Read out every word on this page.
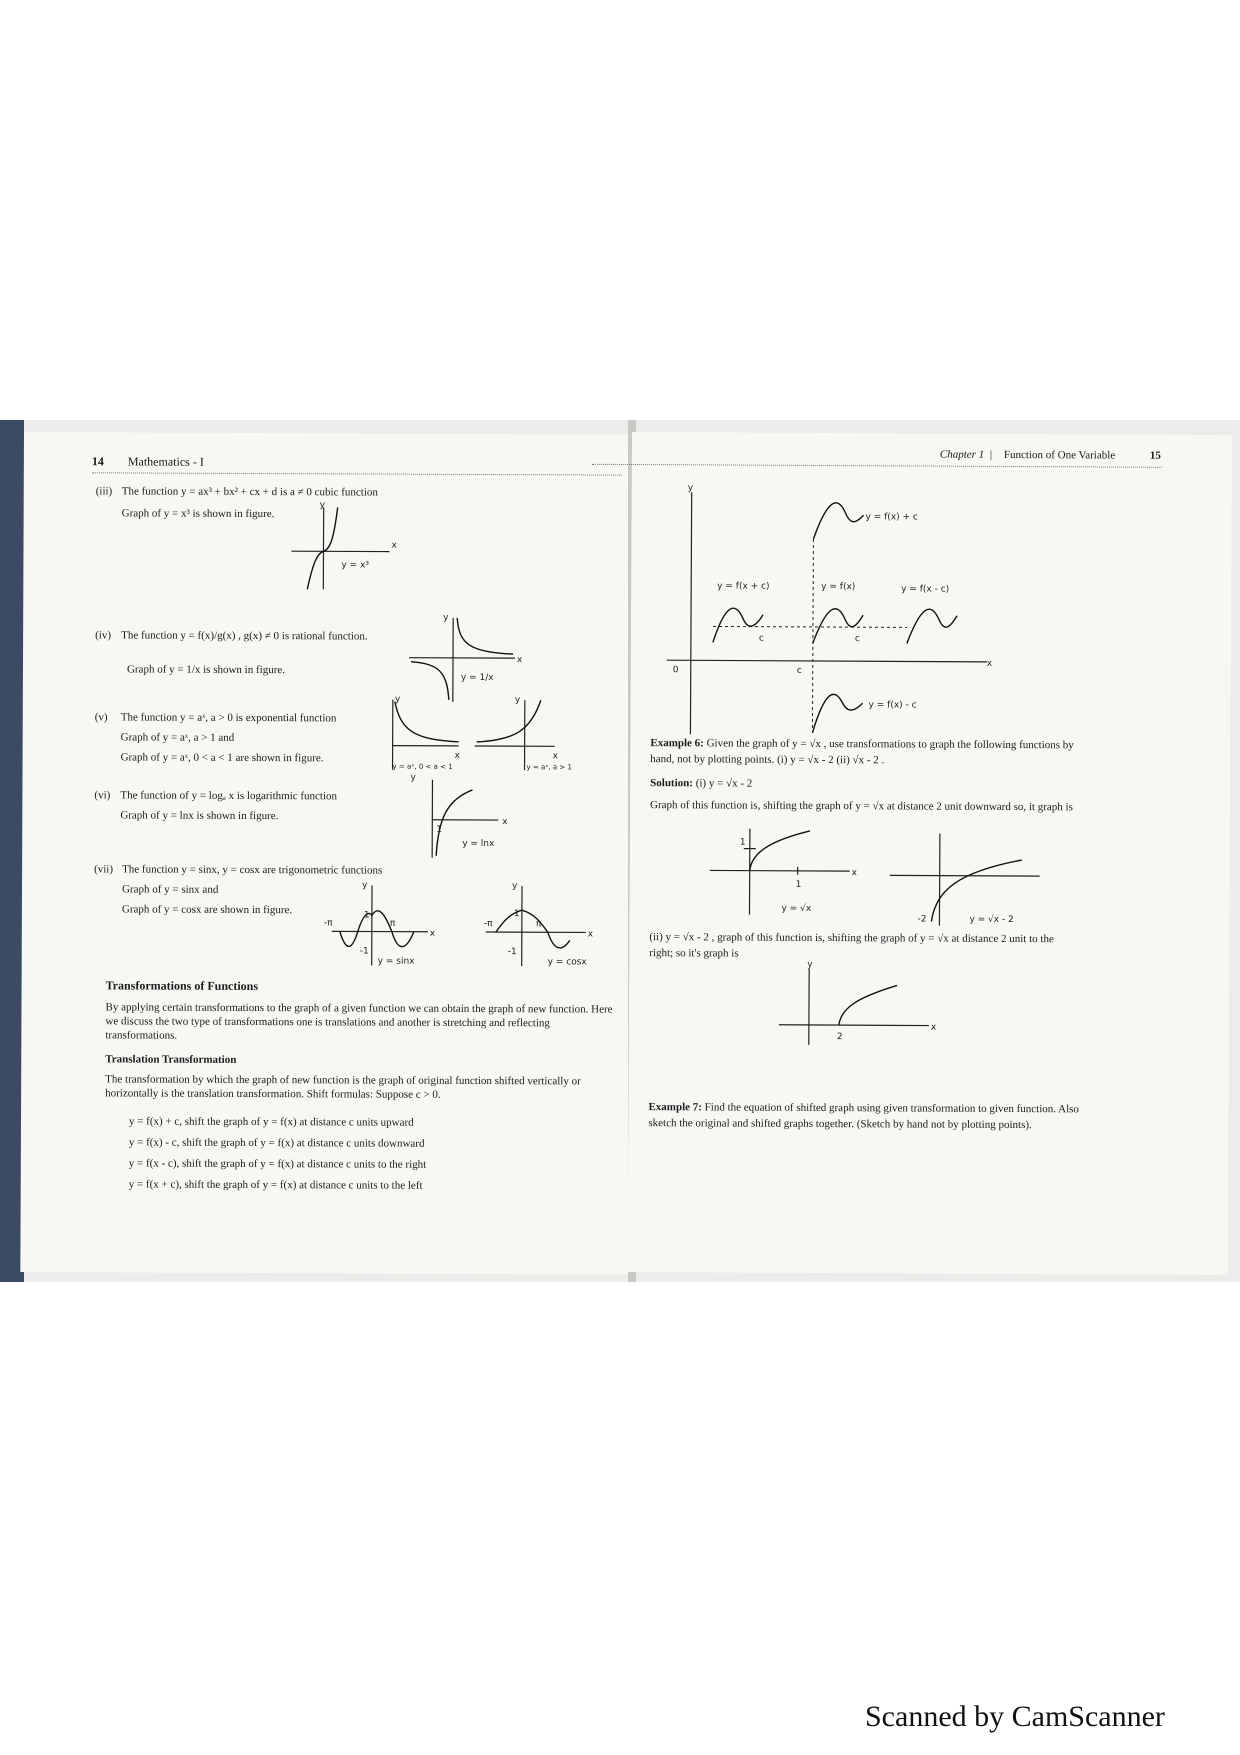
14 Mathematics - I
(iii) The function y = ax³ + bx² + cx + d is a ≠ 0 cubic function
Graph of y = x³ is shown in figure.
y
x
y = x³
(iv) The function y = f(x)/g(x) , g(x) ≠ 0 is rational function.
Graph of y = 1/x is shown in figure.
y
x
y = 1/x
(v) The function y = aˣ, a > 0 is exponential function
Graph of y = aˣ, a > 1 and
Graph of y = aˣ, 0 < a < 1 are shown in figure.
y
x
y = aˣ, 0 < a < 1
y
x
y = aˣ, a > 1
(vi) The function of y = logₐ x is logarithmic function
Graph of y = lnx is shown in figure.
y
x
1
y = lnx
(vii) The function y = sinx, y = cosx are trigonometric functions
Graph of y = sinx and
Graph of y = cosx are shown in figure.
y
x
-π	π
1
-1
y = sinx
y
x
-π	π
1
-1
y = cosx
Transformations of Functions
By applying certain transformations to the graph of a given function we can obtain the graph of new function. Here we discuss the two type of transformations one is translations and another is stretching and reflecting transformations.
Translation Transformation
The transformation by which the graph of new function is the graph of original function shifted vertically or horizontally is the translation transformation. Shift formulas: Suppose c > 0.
y = f(x) + c, shift the graph of y = f(x) at distance c units upward
y = f(x) - c, shift the graph of y = f(x) at distance c units downward
y = f(x - c), shift the graph of y = f(x) at distance c units to the right
y = f(x + c), shift the graph of y = f(x) at distance c units to the left
Chapter 1 | Function of One Variable	15
y
x
0
y = f(x) + c
y = f(x + c)	y = f(x)	y = f(x - c)
y = f(x) - c
c	c
c
Example 6: Given the graph of y = √x , use transformations to graph the following functions by
hand, not by plotting points. (i) y = √x - 2 (ii) √x - 2 .
Solution: (i) y = √x - 2
Graph of this function is, shifting the graph of y = √x at distance 2 unit downward so, it graph is
1
1
x
y = √x
-2	y = √x - 2
(ii) y = √x - 2 , graph of this function is, shifting the graph of y = √x at distance 2 unit to the
right; so it's graph is
y
x
2
Example 7: Find the equation of shifted graph using given transformation to given function. Also
sketch the original and shifted graphs together. (Sketch by hand not by plotting points).
Scanned by CamScanner
